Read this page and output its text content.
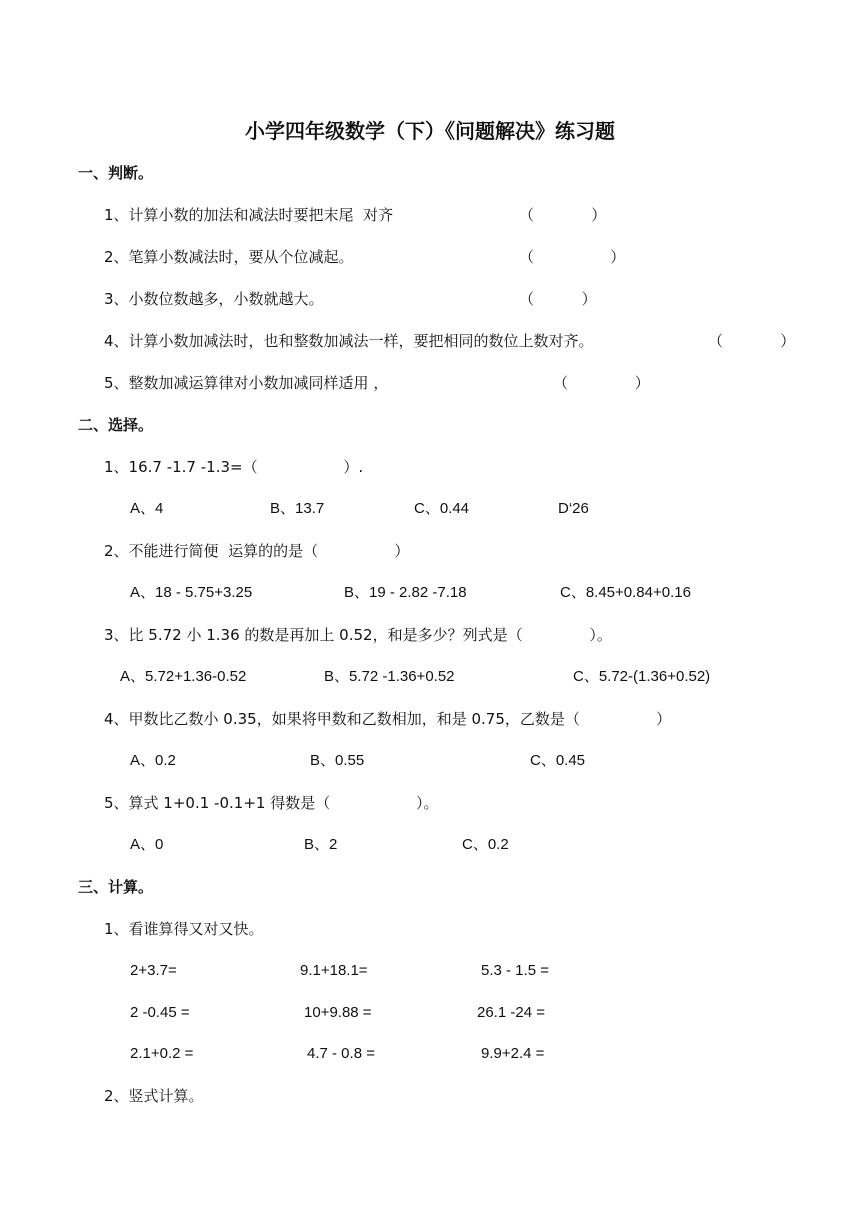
小学四年级数学（下）《问题解决》练习题
一、判断。
1、计算小数的加法和减法时要把末尾  对齐	（            ）
2、笔算小数减法时，要从个位减起。	（                ）
3、小数位数越多，小数就越大。	（          ）
4、计算小数加减法时，也和整数加减法一样，要把相同的数位上数对齐。	（            ）
5、整数加减运算律对小数加减同样适用 ，	（              ）
二、选择。
1、16.7 -1.7 -1.3=（                  ）.
A、4	B、13.7	C、0.44	D‘26
2、不能进行简便  运算的的是（                ）
A、18 - 5.75+3.25	B、19 - 2.82 -7.18	C、8.45+0.84+0.16
3、比 5.72 小 1.36 的数是再加上 0.52，和是多少？列式是（              ）。
A、5.72+1.36-0.52	B、5.72 -1.36+0.52	C、5.72-(1.36+0.52)
4、甲数比乙数小 0.35，如果将甲数和乙数相加，和是 0.75，乙数是（                ）
A、0.2	B、0.55	C、0.45
5、算式 1+0.1 -0.1+1 得数是（                  ）。
A、0	B、2	C、0.2
三、计算。
1、看谁算得又对又快。
2+3.7=	9.1+18.1=	5.3 - 1.5 =
2 -0.45 =	10+9.88 =	26.1 -24 =
2.1+0.2 =	4.7 - 0.8 =	9.9+2.4 =
2、竖式计算。
